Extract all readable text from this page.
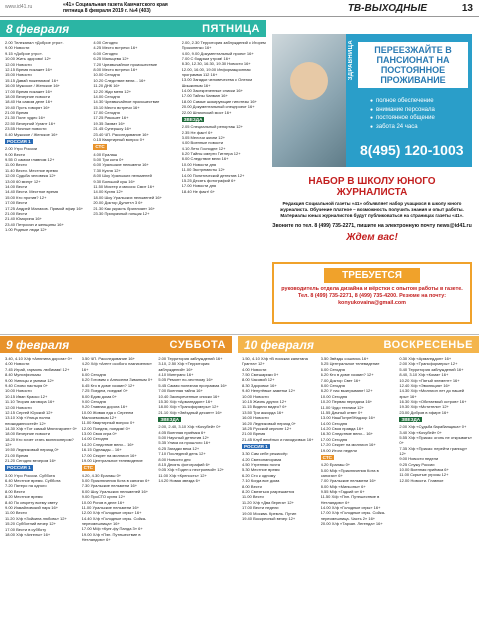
www.id41.ru	«41» Социальная газета Камчатского края
пятница 8 февраля 2019 г. №4 (403)	ТВ-ВЫХОДНЫЕ	13
8 февраля	ПЯТНИЦА
2.00 Телеканал «Доброе утро».
9.00 Новости
9.15 «Доброе утро».
10.00 Жить здорово! 12+
12.00 Новости
12.15 Время покажет 16+
15.00 Новости
15.15 Давай поженимся! 16+
16.00 Мужское / Женское 16+
17.00 Время покажет 16+
18.00 Вечерние новости
18.40 На самом деле 16+
19.40 Пусть говорят 16+
21.00 Время
21.30 Поле чудес 16+
22.50 Вечерний Ургант 16+
23.55 Ночные новости
0.40 Мужское / Женское 16+
РОССИЯ 1
2.00 Утро России
9.00 Вести
9.55 О самом главном 12+
11.00 Вести
11.40 Вести. Местное время
12.00 Судьба человека 12+
13.00 60 минут 12+
14.00 Вести
14.40 Вести. Местное время
15.00 Кто против? 12+
17.00 Вести
17.25 Андрей Малахов. Прямой эфир 16+
21.00 Вести
21.40 Юморина 16+
23.40 Петросян и женщины 16+
1.00 Родные люди 12+
4.00 Сегодня
4.25 Место встречи 16+
6.00 Сегодня
6.25 Мальцева 12+
7.20 Чрезвычайное происшествие
8.00 Место встречи 16+
10.00 Сегодня
10.20 Следствие вели... 16+
11.20 ДНК 16+
12.20 Жди меня 12+
14.00 Сегодня
14.30 Чрезвычайное происшествие
15.10 Место встречи 16+
17.00 Сегодня
17.25 Рикошет 16+
19.35 Захват 16+
21.45 Супершоу 16+
23.40 ЧП. Расследование 16+
0.15 Квартирный вопрос 0+
СТС
4.00 Ералаш
5.00 Три кота 0+
6.00 Уральские пельмени 16+
7.30 Кухня 12+
8.00 Шоу Уральских пельменей
9.30 Большой куш 16+
11.50 Мистер и миссис Смит 16+
14.00 Кухня 12+
18.00 Шоу Уральских пельменей 16+
20.00 Доктор Дулиттл 3 6+
21.30 Как украсть бриллиант 16+
23.30 Призрачный гонщик 12+
2.00, 2.30 Территория заблуждений с Игорем Прокопенко 16+
4.00, 9.00 Документальный проект 16+
7.00 С бодрым утром! 16+
8.30, 12.30, 16.30, 19.30 Новости 16+
12.00, 16.00, 19.00 Информационная программа 112 16+
13.00 Загадки человечества с Олегом Шишкиным 16+
14.00 Засекреченные списки 16+
17.00 Тайны Чапман 16+
18.00 Самые шокирующие гипотезы 16+
20.00 Документальный спецпроект 16+
22.00 Шпионский мост 16+
ЗВЕЗДА
2.05 Специальный репортаж 12+
2.35 Не факт! 6+
3.05 Мелочи жизни 12+
4.00 Военные новости
4.10 Лето Господне 12+
6.20 Тайны смерти Гитлера 12+
8.00 Следствие вели 16+
10.00 Новости дня
11.00 Экстремисты 12+
14.00 Политический детектив 12+
15.25 Десять фотографий 6+
17.00 Новости дня
18.40 Не факт! 6+
ЗДРАВНИЦА	ПЕРЕЕЗЖАЙТЕ В ПАНСИОНАТ НА ПОСТОЯННОЕ ПРОЖИВАНИЕ
● полное обеспечение
● внимание персонала
● постоянное общение
● забота 24 часа
8(495) 120-1003
НАБОР В ШКОЛУ ЮНОГО ЖУРНАЛИСТА
Редакция Социальной газеты «41» объявляет набор учащихся в школу юного журналиста. Обучение платное – возможность получить знания и опыт работы. Материалы юных журналистов будут публиковаться на страницах газеты «41».
Звоните по тел. 8 (499) 735-2271, пишите на электронную почту news@id41.ru
Ждем вас!
ТРЕБУЕТСЯ
руководитель отдела дизайна и вёрстки с опытом работы в газете. Тел. 8 (499) 735-2271, 8 (499) 735-4200. Резюме на почту: konyukovaina@gmail.com
9 февраля	СУББОТА 10 февраля	ВОСКРЕСЕНЬЕ
3.40, 4.10 Х/ф «Анютина дорога» 0+
4.00 Новости
7.45 Играй, гармонь любимая! 12+
8.40 Мультфильмы
9.00 Умницы и умники 12+
9.40 Слово пастыря 0+
10.00 Новости
10.15 Иван Краско 12+
11.10 Теория заговора 16+
12.00 Новости
12.15 Сергей Юрский 12+
13.10 Х/ф «Улица полна неожиданностей» 12+
14.30 Х/ф «Тот самый Мюнхгаузен» 0+
18.00 Вечерние новости
18.20 Кто хочет стать миллионером? 12+
19.50 Ледниковый период 0+
21.00 Время
21.20 Сегодня вечером 16+
РОССИЯ 1
3.00 Утро России. Суббота
6.40 Местное время. Суббота
7.20 Пятеро на одного
8.00 Вести
8.20 Местное время
8.40 По секрету всему свету
9.00 Измайловский парк 16+
11.00 Вести
11.20 Х/ф «Зойкина любовь» 12+
15.20 Субботний вечер 12+
17.00 Вести в субботу
18.00 Х/ф «Ангелы» 16+
3.50 ЧП. Расследование 16+
4.20 Х/ф «Агент особого назначения» 16+
6.00 Сегодня
6.20 Готовим с Алексеем Зиминым 0+
6.45 Кто в доме хозяин? 12+
7.25 Поедем, поедим! 0+
8.00 Едим дома 0+
9.00 Сегодня
9.20 Главная дорога 16+
10.00 Живая еда с Сергеем Малоземовым 12+
11.00 Квартирный вопрос 0+
12.00 Поедем, поедим! 0+
13.00 Своя игра 0+
14.00 Сегодня
14.20 Следствие вели... 16+
16.15 Однажды... 16+
17.00 Секрет на миллион 16+
19.00 Центральное телевидение
СТС
4.20, 4.30 Ералаш 0+
5.00 Приключения Кота в сапогах 6+
7.30 Уральские пельмени 16+
8.00 Шоу Уральских пельменей 16+
9.00 ПроСТО кухня 12+
10.00 Рогов в деле 16+
11.00 Уральские пельмени 16+
12.00 Х/ф «Голодные игры» 16+
14.40 Х/ф «Голодные игры. Сойка-пересмешница» 16+
17.00 М/ф «Кунг-фу Панда 3» 6+
19.00 Х/ф «Пэн. Путешествие в Нетландию» 6+
2.00 Территория заблуждений 16+
3.10, 2.50 Х/ф «Территория заблуждений» 16+
4.10 Минтранс 16+
5.05 Ремонт по-честному 16+
5.45 Самая полезная программа 16+
7.00 Военная тайна 16+
10.40 Засекреченные списки 16+
15.30 Х/ф «Армагеддон» 16+
18.00 Х/ф «Трансформеры» 12+
21.10 Х/ф «Звёздный десант» 16+
ЗВЕЗДА
2.00, 2.40, 3.10 Х/ф «Кочубей» 0+
4.05 Военная приёмка 6+
5.00 Научный детектив 12+
5.35 Улика из прошлого 16+
6.25 Загадки века 12+
7.10 Последний день 12+
8.00 Новости дня
8.15 Десять фотографий 6+
9.05 Х/ф «Годен к нестроевой» 12+
11.00 Х/ф «Крепость» 12+
14.20 Новая звезда 6+
1.50, 4.10 Х/ф «В поисках капитана Гранта» 12+
4.00 Новости
7.50 Смешарики 0+
8.00 Часовой 12+
8.30 Здоровье 16+
9.40 Непутёвые заметки 12+
10.00 Новости
10.15 Жизнь других 12+
11.15 Видели видео? 6+
13.50 Три аккорда 16+
16.00 Новости
16.20 Ледниковый период 0+
18.25 Русский керлинг 12+
21.00 Время
21.45 Клуб весёлых и находчивых 16+
РОССИЯ 1
3.30 Сам себе режиссёр
4.20 Смехопанорама
4.50 Утренняя почта
5.30 Местное время
6.20 Сто к одному
7.10 Когда все дома
8.00 Вести
8.20 Смеяться разрешается
11.00 Вести
11.20 Х/ф «Два берега» 12+
17.00 Вести недели
19.00 Москва. Кремль. Путин
19.40 Воскресный вечер 12+
3.50 Звёзды сошлись 16+
5.25 Центральное телевидение
6.00 Сегодня
6.20 Кто в доме хозяин? 12+
7.00 Доктор Свет 16+
8.00 Сегодня
8.20 У нас выигрывают! 12+
10.00 Сегодня
10.20 Первая передача 16+
11.00 Чудо техники 12+
11.55 Дачный ответ 0+
13.00 НашПотребНадзор 16+
14.00 Сегодня
14.20 Своя правда 16+
16.30 Следствие вели... 16+
17.00 Сегодня
17.20 Секрет на миллион 16+
19.00 Итоги недели
СТС
4.20 Ералаш 0+
5.00 М/ф «Приключения Кота в сапогах» 6+
7.00 Уральские пельмени 16+
8.00 М/ф «Миньоны» 6+
9.55 М/ф «Гадкий я» 6+
11.50 Х/ф «Пэн. Путешествие в Нетландию» 6+
14.00 Х/ф «Голодные игры» 16+
17.00 Х/ф «Голодные игры. Сойка-пересмешница. Часть 2» 16+
20.00 Х/ф «Тарзан. Легенда» 16+
0.30 Х/ф «Армагеддон» 16+
2.00 Х/ф «Трансформеры» 12+
5.40 Территория заблуждений 16+
8.40, 3.10 Х/ф «Кома» 16+
10.20 Х/ф «Пятый элемент» 16+
12.40 Х/ф «Эволюция» 16+
14.30 Х/ф «Миллион лет до нашей эры» 16+
16.30 Х/ф «Обитаемый остров» 16+
19.30 Х/ф «Мстители» 12+
23.00 Добров в эфире 16+
ЗВЕЗДА
2.00 Х/ф «Судьба барабанщика» 0+
3.40 Х/ф «Кочубей» 0+
5.55 Х/ф «Приказ: огонь не открывать» 0+
7.35 Х/ф «Приказ: перейти границу» 12+
9.00 Новости недели
9.25 Служу России
10.00 Военная приёмка 6+
11.00 Скрытые угрозы 12+
12.00 Новости. Главное
